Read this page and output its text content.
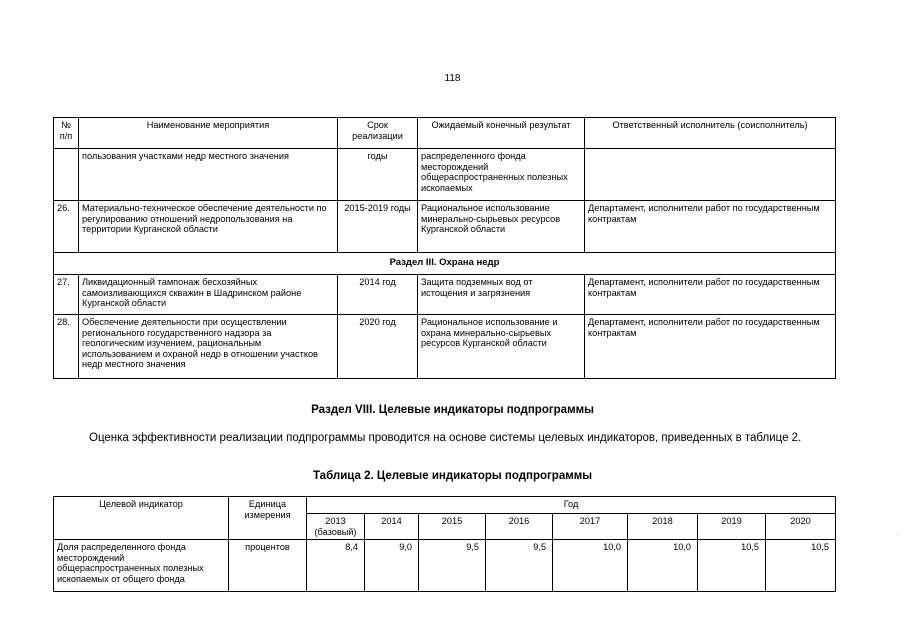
118
№ п/п	Наименование мероприятия	Срок реализации	Ожидаемый конечный результат	Ответственный исполнитель (соисполнитель)
	пользования участками недр местного значения	годы	распределенного фонда месторождений общераспространенных полезных ископаемых	
26.	Материально-техническое обеспечение деятельности по регулированию отношений недропользования на территории Курганской области	2015-2019 годы	Рациональное использование минерально-сырьевых ресурсов Курганской области	Департамент, исполнители работ по государственным контрактам
Раздел III. Охрана недр				
27.	Ликвидационный тампонаж бесхозяйных самоизливающихся скважин в Шадринском районе Курганской области	2014 год	Защита подземных вод от истощения и загрязнения	Департамент, исполнители работ по государственным контрактам
28.	Обеспечение деятельности при осуществлении регионального государственного надзора за геологическим изучением, рациональным использованием и охраной недр в отношении участков недр местного значения	2020 год	Рациональное использование и охрана минерально-сырьевых ресурсов Курганской области	Департамент, исполнители работ по государственным контрактам
Раздел VIII. Целевые индикаторы подпрограммы
Оценка эффективности реализации подпрограммы проводится на основе системы целевых индикаторов, приведенных в таблице 2.
Таблица 2. Целевые индикаторы подпрограммы
Целевой индикатор	Единица измерения	Год							
		2013 (базовый)	2014	2015	2016	2017	2018	2019	2020
Доля распределенного фонда месторождений общераспространенных полезных ископаемых от общего фонда	процентов	8,4	9,0	9,5	9,5	10,0	10,0	10,5	10,5
·
